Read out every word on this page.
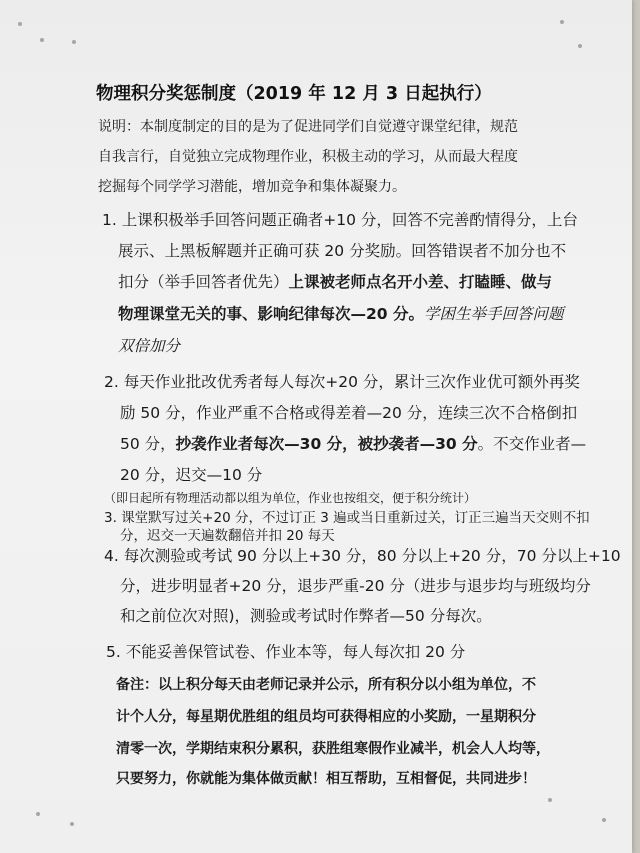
物理积分奖惩制度（2019 年 12 月 3 日起执行）
说明：本制度制定的目的是为了促进同学们自觉遵守课堂纪律，规范
自我言行，自觉独立完成物理作业，积极主动的学习，从而最大程度
挖掘每个同学学习潜能，增加竞争和集体凝聚力。
1. 上课积极举手回答问题正确者+10 分，回答不完善酌情得分，上台
展示、上黑板解题并正确可获 20 分奖励。回答错误者不加分也不
扣分（举手回答者优先）上课被老师点名开小差、打瞌睡、做与
物理课堂无关的事、影响纪律每次—20 分。学困生举手回答问题
双倍加分
2. 每天作业批改优秀者每人每次+20 分，累计三次作业优可额外再奖
励 50 分，作业严重不合格或得差着—20 分，连续三次不合格倒扣
50 分，抄袭作业者每次—30 分，被抄袭者—30 分。不交作业者—
20 分，迟交—10 分
（即日起所有物理活动都以组为单位，作业也按组交，便于积分统计）
3. 课堂默写过关+20 分，不过订正 3 遍或当日重新过关，订正三遍当天交则不扣
分，迟交一天遍数翻倍并扣 20 每天
4. 每次测验或考试 90 分以上+30 分，80 分以上+20 分，70 分以上+10
分，进步明显者+20 分，退步严重-20 分（进步与退步均与班级均分
和之前位次对照)，测验或考试时作弊者—50 分每次。
5. 不能妥善保管试卷、作业本等，每人每次扣 20 分
备注：以上积分每天由老师记录并公示，所有积分以小组为单位，不
计个人分，每星期优胜组的组员均可获得相应的小奖励，一星期积分
清零一次，学期结束积分累积，获胜组寒假作业减半，机会人人均等，
只要努力，你就能为集体做贡献！相互帮助，互相督促，共同进步！
